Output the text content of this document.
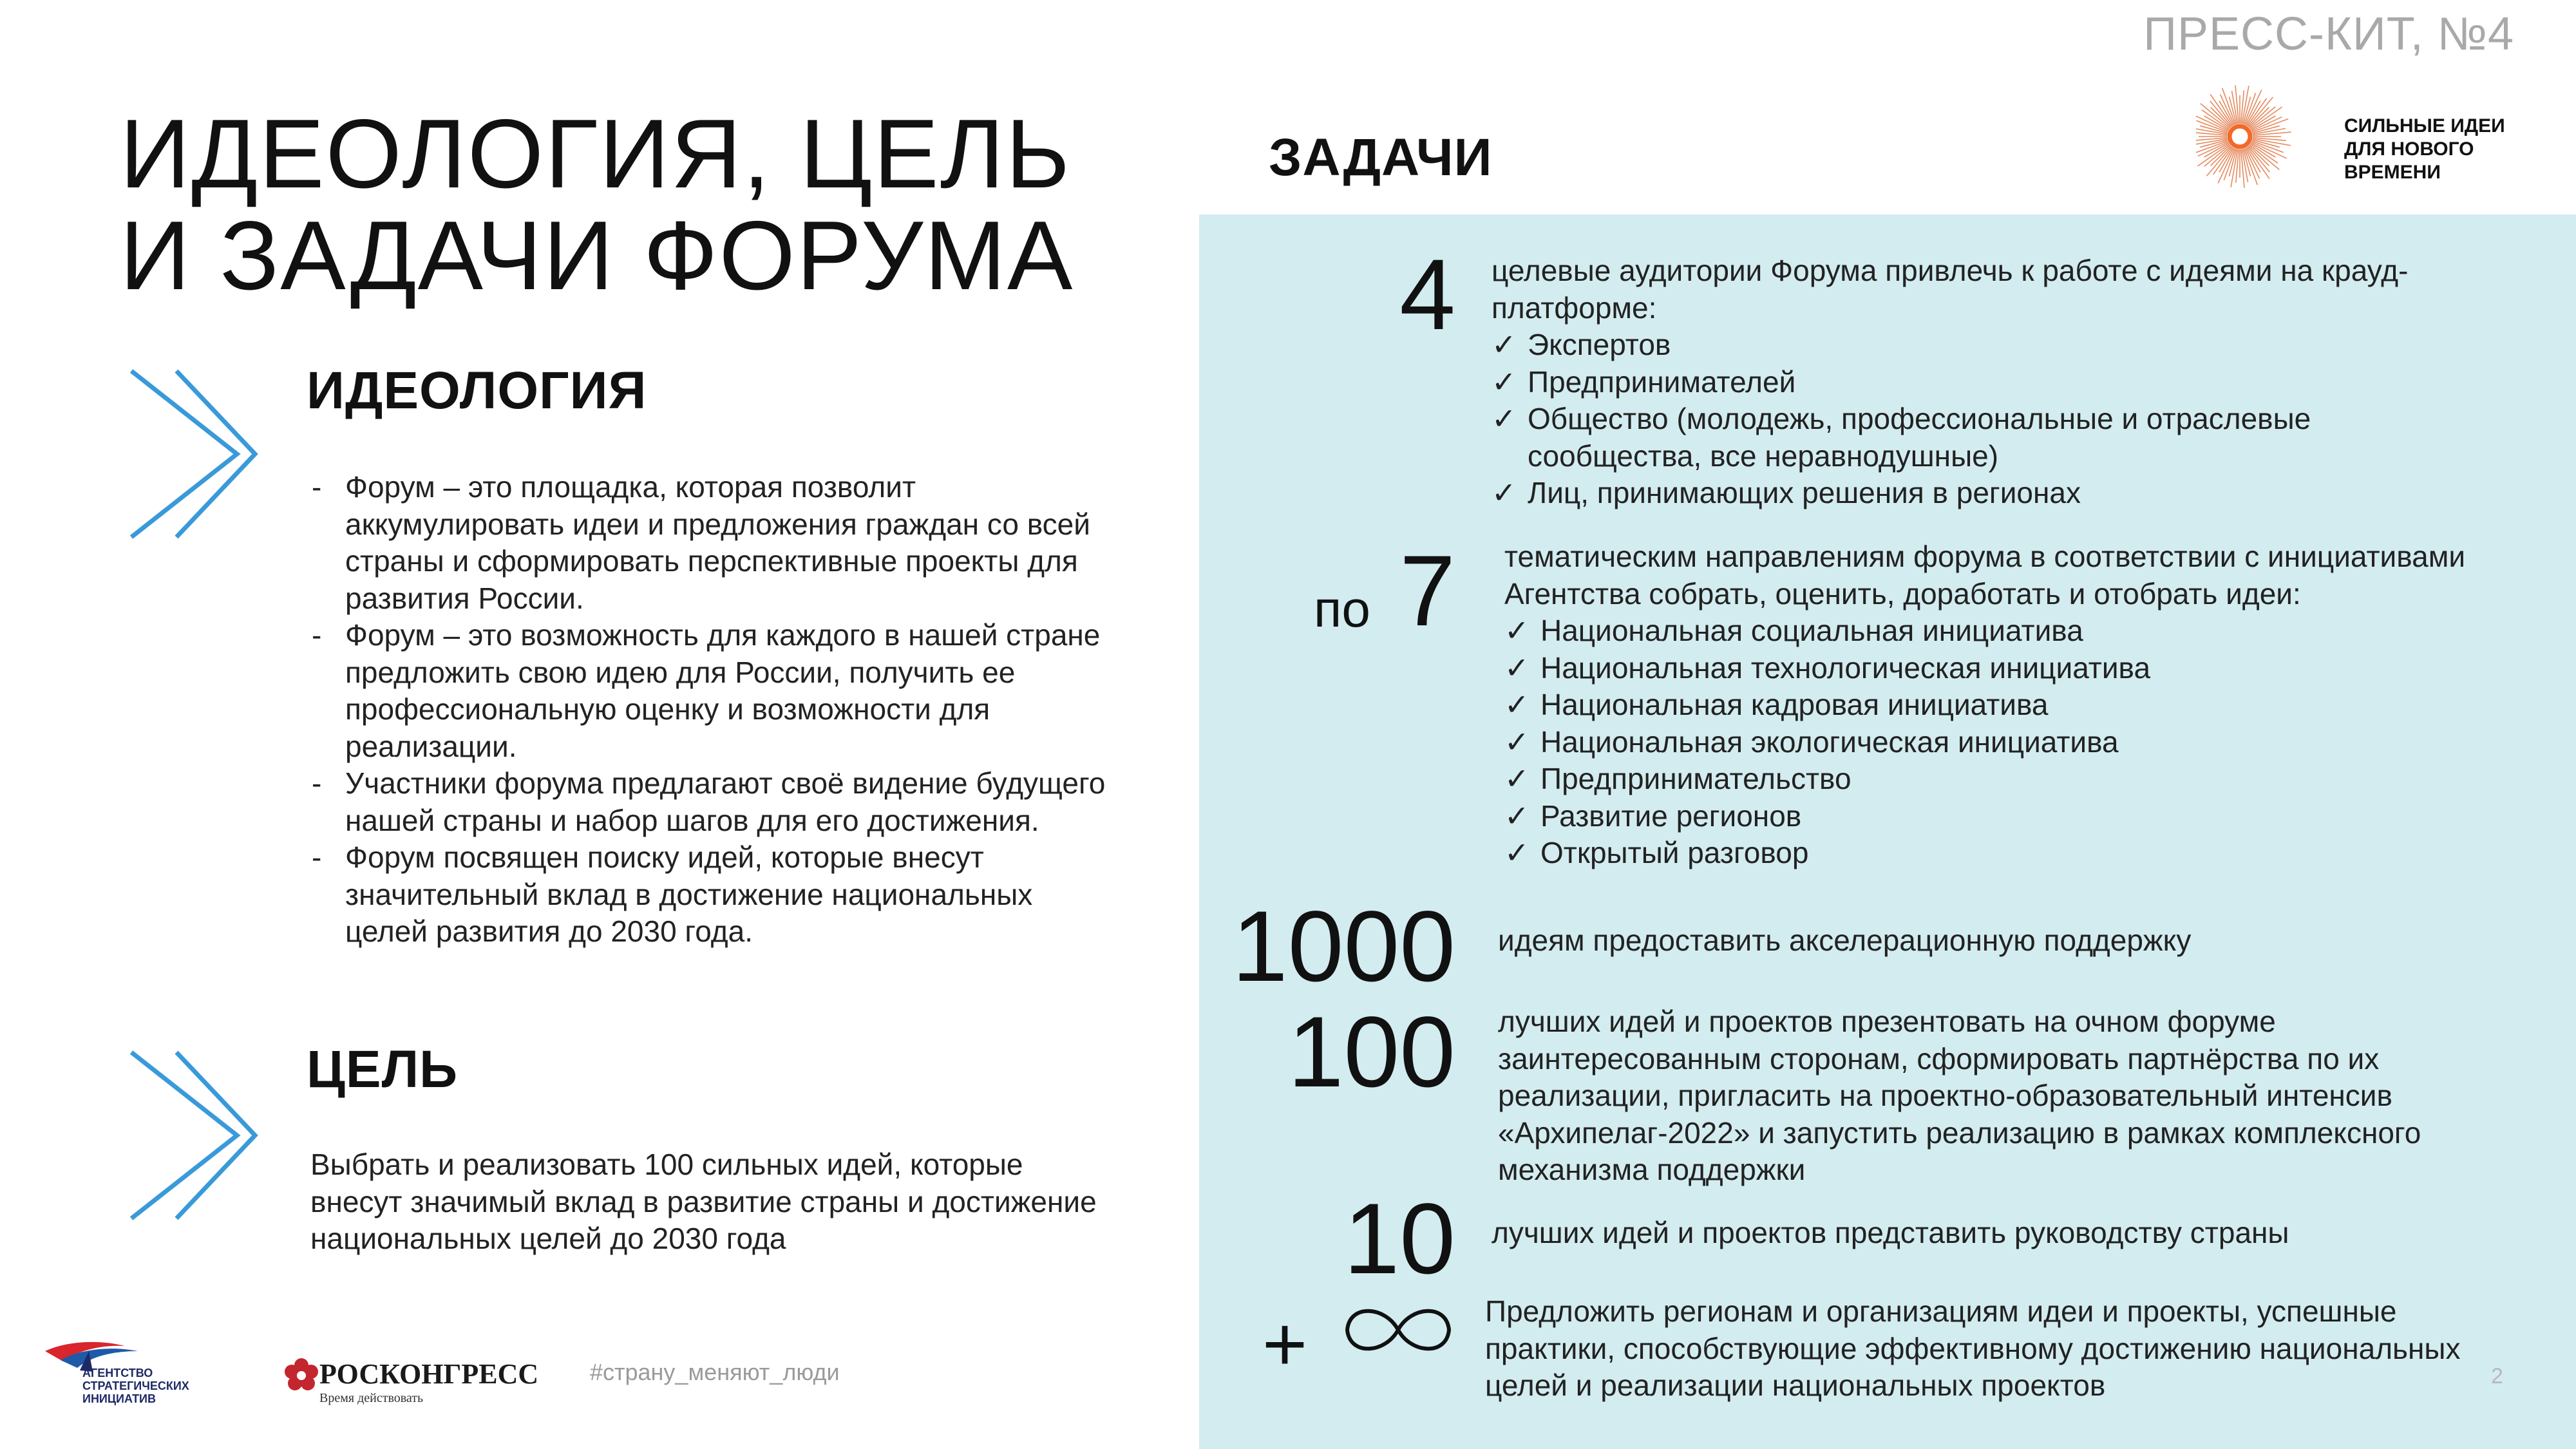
ПРЕСС-КИТ, №4
СИЛЬНЫЕ ИДЕИ ДЛЯ НОВОГО ВРЕМЕНИ
ИДЕОЛОГИЯ, ЦЕЛЬ
И ЗАДАЧИ ФОРУМА
ИДЕОЛОГИЯ
- Форум – это площадка, которая позволит аккумулировать идеи и предложения граждан со всей страны и сформировать перспективные проекты для развития России.
- Форум – это возможность для каждого в нашей стране предложить свою идею для России, получить ее профессиональную оценку и возможности для реализации.
- Участники форума предлагают своё видение будущего нашей страны и набор шагов для его достижения.
- Форум посвящен поиску идей, которые внесут значительный вклад в достижение национальных целей развития до 2030 года.
ЦЕЛЬ
Выбрать и реализовать 100 сильных идей, которые внесут значимый вклад в развитие страны и достижение национальных целей до 2030 года
ЗАДАЧИ
4 целевые аудитории Форума привлечь к работе с идеями на крауд-платформе:
✓ Экспертов
✓ Предпринимателей
✓ Общество (молодежь, профессиональные и отраслевые сообщества, все неравнодушные)
✓ Лиц, принимающих решения в регионах
по 7 тематическим направлениям форума в соответствии с инициативами Агентства собрать, оценить, доработать и отобрать идеи:
✓ Национальная социальная инициатива
✓ Национальная технологическая инициатива
✓ Национальная кадровая инициатива
✓ Национальная экологическая инициатива
✓ Предпринимательство
✓ Развитие регионов
✓ Открытый разговор
1000 идеям предоставить акселерационную поддержку
100 лучших идей и проектов презентовать на очном форуме заинтересованным сторонам, сформировать партнёрства по их реализации, пригласить на проектно-образовательный интенсив «Архипелаг-2022» и запустить реализацию в рамках комплексного механизма поддержки
10 лучших идей и проектов представить руководству страны
+	Предложить регионам и организациям идеи и проекты, успешные практики, способствующие эффективному достижению национальных целей и реализации национальных проектов
АГЕНТСТВО
СТРАТЕГИЧЕСКИХ
ИНИЦИАТИВ
РОСКОНГРЕСС
Время действовать
#страну_меняют_люди	2
